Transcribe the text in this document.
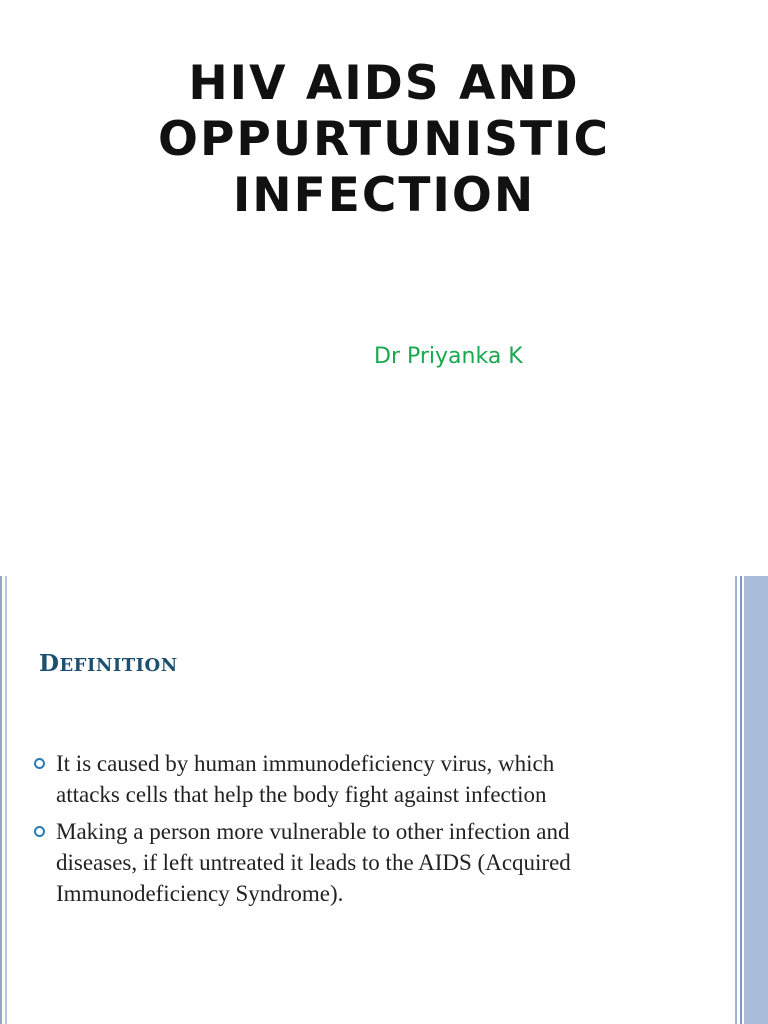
HIV AIDS AND
OPPURTUNISTIC
INFECTION

Dr Priyanka K

DEFINITION
It is caused by human immunodeficiency virus, which
attacks cells that help the body fight against infection
Making a person more vulnerable to other infection and
diseases, if left untreated it leads to the AIDS (Acquired
Immunodeficiency Syndrome).
